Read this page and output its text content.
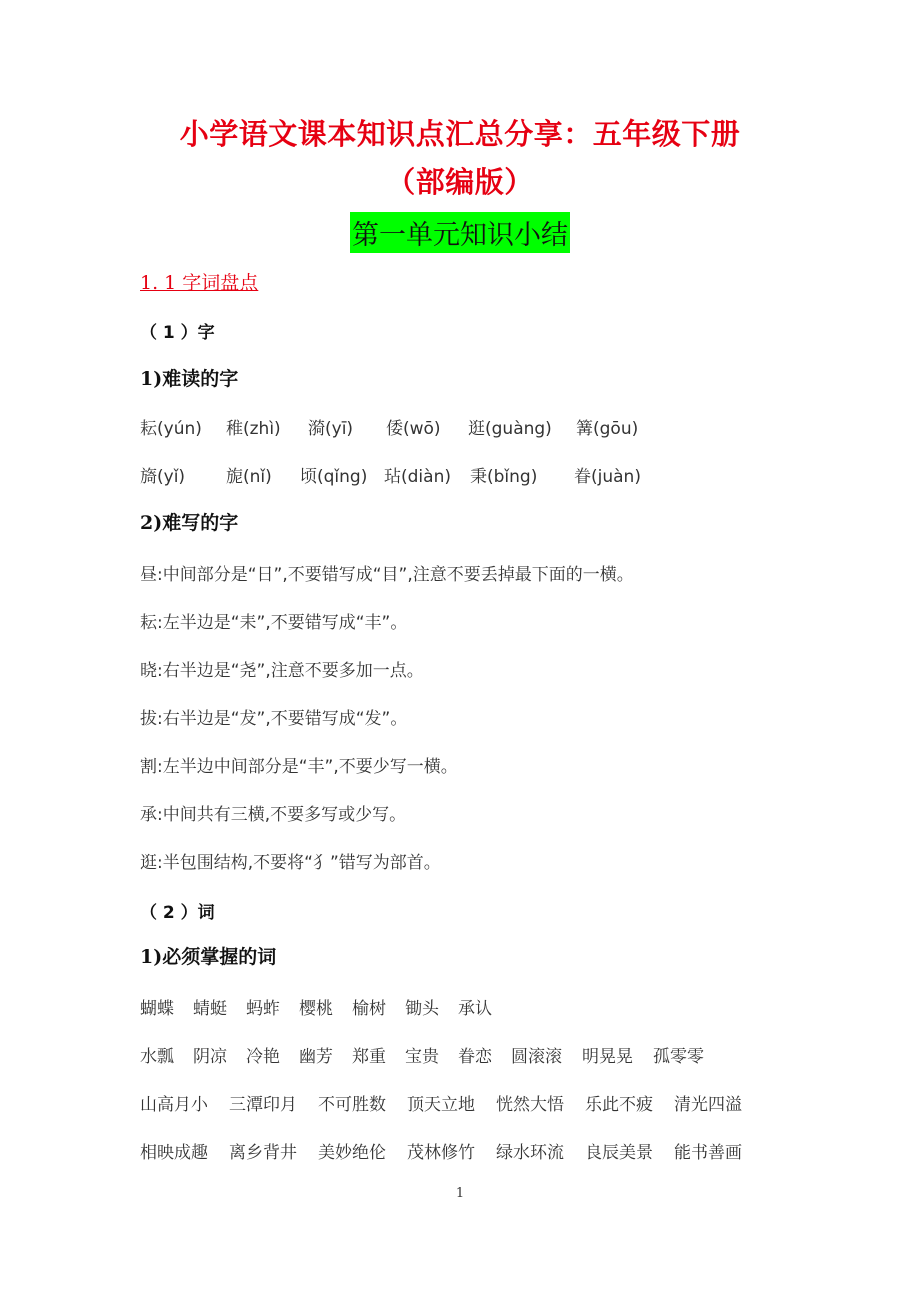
小学语文课本知识点汇总分享：五年级下册
（部编版）
第一单元知识小结
1. 1 字词盘点
（ 1 ）字
1)难读的字
耘(yún) 稚(zhì) 漪(yī) 倭(wō) 逛(guàng) 篝(gōu)
旖(yǐ) 旎(nǐ) 顷(qǐng) 玷(diàn) 秉(bǐng) 眷(juàn)
2)难写的字
昼:中间部分是“日”,不要错写成“目”,注意不要丢掉最下面的一横。
耘:左半边是“耒”,不要错写成“丰”。
晓:右半边是“尧”,注意不要多加一点。
拔:右半边是“犮”,不要错写成“发”。
割:左半边中间部分是“丰”,不要少写一横。
承:中间共有三横,不要多写或少写。
逛:半包围结构,不要将“犭”错写为部首。
（ 2 ）词
1)必须掌握的词
蝴蝶 蜻蜓 蚂蚱 樱桃 榆树 锄头 承认
水瓢 阴凉 冷艳 幽芳 郑重 宝贵 眷恋 圆滚滚 明晃晃 孤零零
山高月小 三潭印月 不可胜数 顶天立地 恍然大悟 乐此不疲 清光四溢
相映成趣 离乡背井 美妙绝伦 茂林修竹 绿水环流 良辰美景 能书善画
1
